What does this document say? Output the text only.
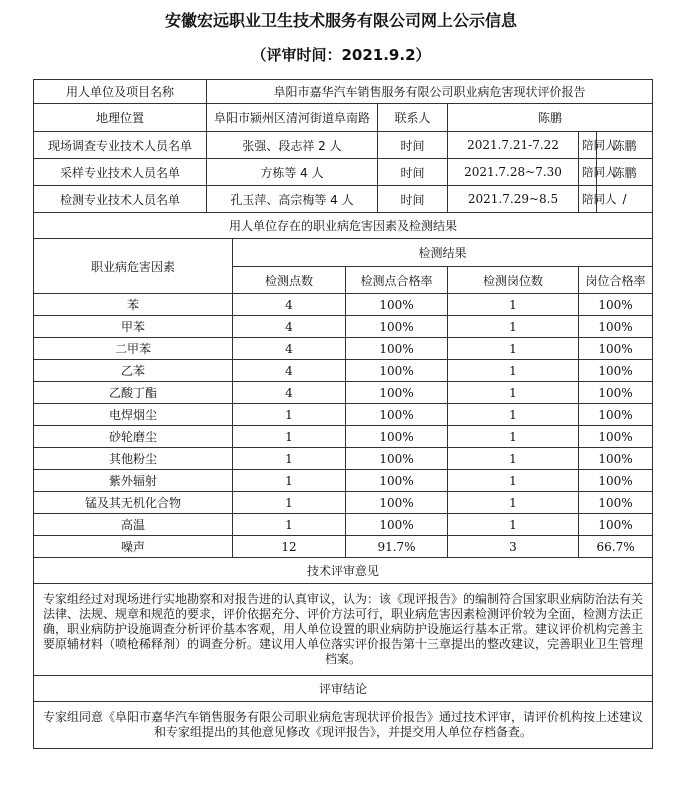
安徽宏远职业卫生技术服务有限公司网上公示信息
（评审时间：2021.9.2）
用人单位及项目名称	阜阳市嘉华汽车销售服务有限公司职业病危害现状评价报告						
地理位置	阜阳市颍州区清河街道阜南路			联系人	陈鹏		
现场调查专业技术人员名单	张强、段志祥 2 人			时间	2021.7.21-7.22	陪同人	陈鹏
采样专业技术人员名单	方栋等 4 人			时间	2021.7.28~7.30	陪同人	陈鹏
检测专业技术人员名单	孔玉萍、高宗梅等 4 人			时间	2021.7.29~8.5	陪同人	/
用人单位存在的职业病危害因素及检测结果							
职业病危害因素		检测结果					
		检测点数	检测点合格率		检测岗位数	岗位合格率	
苯		4	100%		1	100%	
甲苯		4	100%		1	100%	
二甲苯		4	100%		1	100%	
乙苯		4	100%		1	100%	
乙酸丁酯		4	100%		1	100%	
电焊烟尘		1	100%		1	100%	
砂轮磨尘		1	100%		1	100%	
其他粉尘		1	100%		1	100%	
紫外辐射		1	100%		1	100%	
锰及其无机化合物		1	100%		1	100%	
高温		1	100%		1	100%	
噪声		12	91.7%		3	66.7%	
技术评审意见							
专家组经过对现场进行实地勘察和对报告进的认真审议，认为：该《现评报告》的编制符合国家职业病防治法有关法律、法规、规章和规范的要求，评价依据充分、评价方法可行，职业病危害因素检测评价较为全面，检测方法正确，职业病防护设施调查分析评价基本客观，用人单位设置的职业病防护设施运行基本正常。建议评价机构完善主要原辅材料（喷枪稀释剂）的调查分析。建议用人单位落实评价报告第十三章提出的整改建议，完善职业卫生管理档案。							
评审结论							
专家组同意《阜阳市嘉华汽车销售服务有限公司职业病危害现状评价报告》通过技术评审，请评价机构按上述建议和专家组提出的其他意见修改《现评报告》，并提交用人单位存档备查。							
